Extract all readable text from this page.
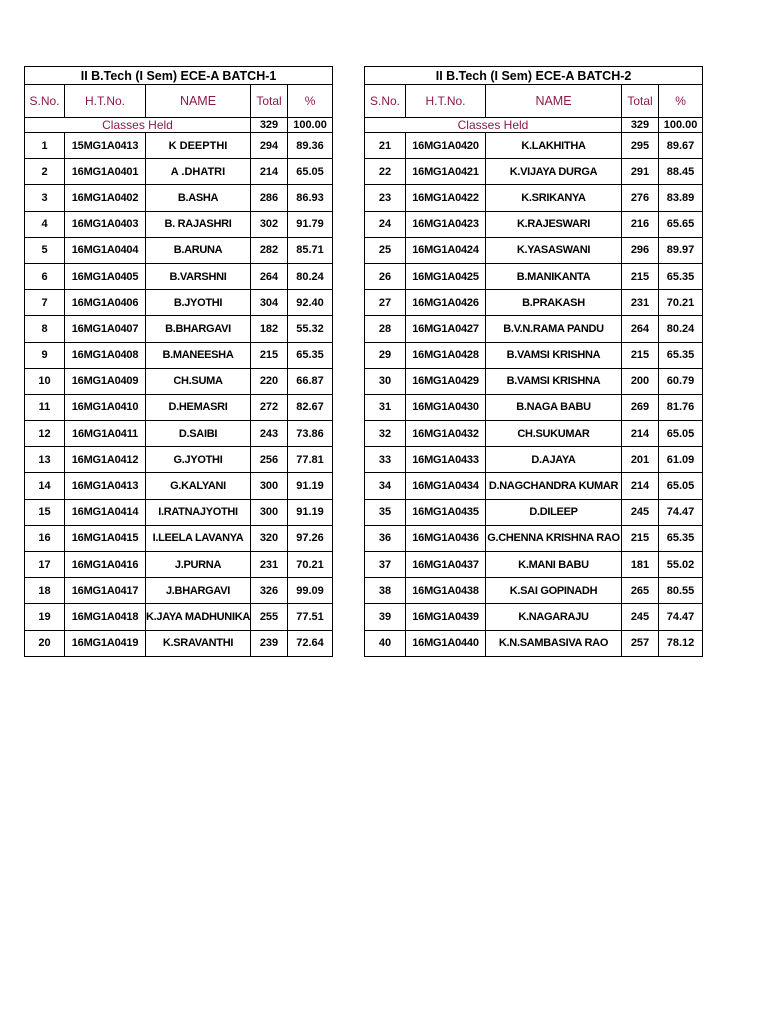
II B.Tech (I Sem) ECE-A BATCH-1				
S.No.	H.T.No.	NAME	Total	%
Classes Held			329	100.00
1	15MG1A0413	K DEEPTHI	294	89.36
2	16MG1A0401	A .DHATRI	214	65.05
3	16MG1A0402	B.ASHA	286	86.93
4	16MG1A0403	B. RAJASHRI	302	91.79
5	16MG1A0404	B.ARUNA	282	85.71
6	16MG1A0405	B.VARSHNI	264	80.24
7	16MG1A0406	B.JYOTHI	304	92.40
8	16MG1A0407	B.BHARGAVI	182	55.32
9	16MG1A0408	B.MANEESHA	215	65.35
10	16MG1A0409	CH.SUMA	220	66.87
11	16MG1A0410	D.HEMASRI	272	82.67
12	16MG1A0411	D.SAIBI	243	73.86
13	16MG1A0412	G.JYOTHI	256	77.81
14	16MG1A0413	G.KALYANI	300	91.19
15	16MG1A0414	I.RATNAJYOTHI	300	91.19
16	16MG1A0415	I.LEELA LAVANYA	320	97.26
17	16MG1A0416	J.PURNA	231	70.21
18	16MG1A0417	J.BHARGAVI	326	99.09
19	16MG1A0418	K.JAYA MADHUNIKA	255	77.51
20	16MG1A0419	K.SRAVANTHI	239	72.64
II B.Tech (I Sem) ECE-A BATCH-2				
S.No.	H.T.No.	NAME	Total	%
Classes Held			329	100.00
21	16MG1A0420	K.LAKHITHA	295	89.67
22	16MG1A0421	K.VIJAYA DURGA	291	88.45
23	16MG1A0422	K.SRIKANYA	276	83.89
24	16MG1A0423	K.RAJESWARI	216	65.65
25	16MG1A0424	K.YASASWANI	296	89.97
26	16MG1A0425	B.MANIKANTA	215	65.35
27	16MG1A0426	B.PRAKASH	231	70.21
28	16MG1A0427	B.V.N.RAMA PANDU	264	80.24
29	16MG1A0428	B.VAMSI KRISHNA	215	65.35
30	16MG1A0429	B.VAMSI KRISHNA	200	60.79
31	16MG1A0430	B.NAGA BABU	269	81.76
32	16MG1A0432	CH.SUKUMAR	214	65.05
33	16MG1A0433	D.AJAYA	201	61.09
34	16MG1A0434	D.NAGCHANDRA KUMAR	214	65.05
35	16MG1A0435	D.DILEEP	245	74.47
36	16MG1A0436	G.CHENNA KRISHNA RAO	215	65.35
37	16MG1A0437	K.MANI BABU	181	55.02
38	16MG1A0438	K.SAI GOPINADH	265	80.55
39	16MG1A0439	K.NAGARAJU	245	74.47
40	16MG1A0440	K.N.SAMBASIVA RAO	257	78.12
